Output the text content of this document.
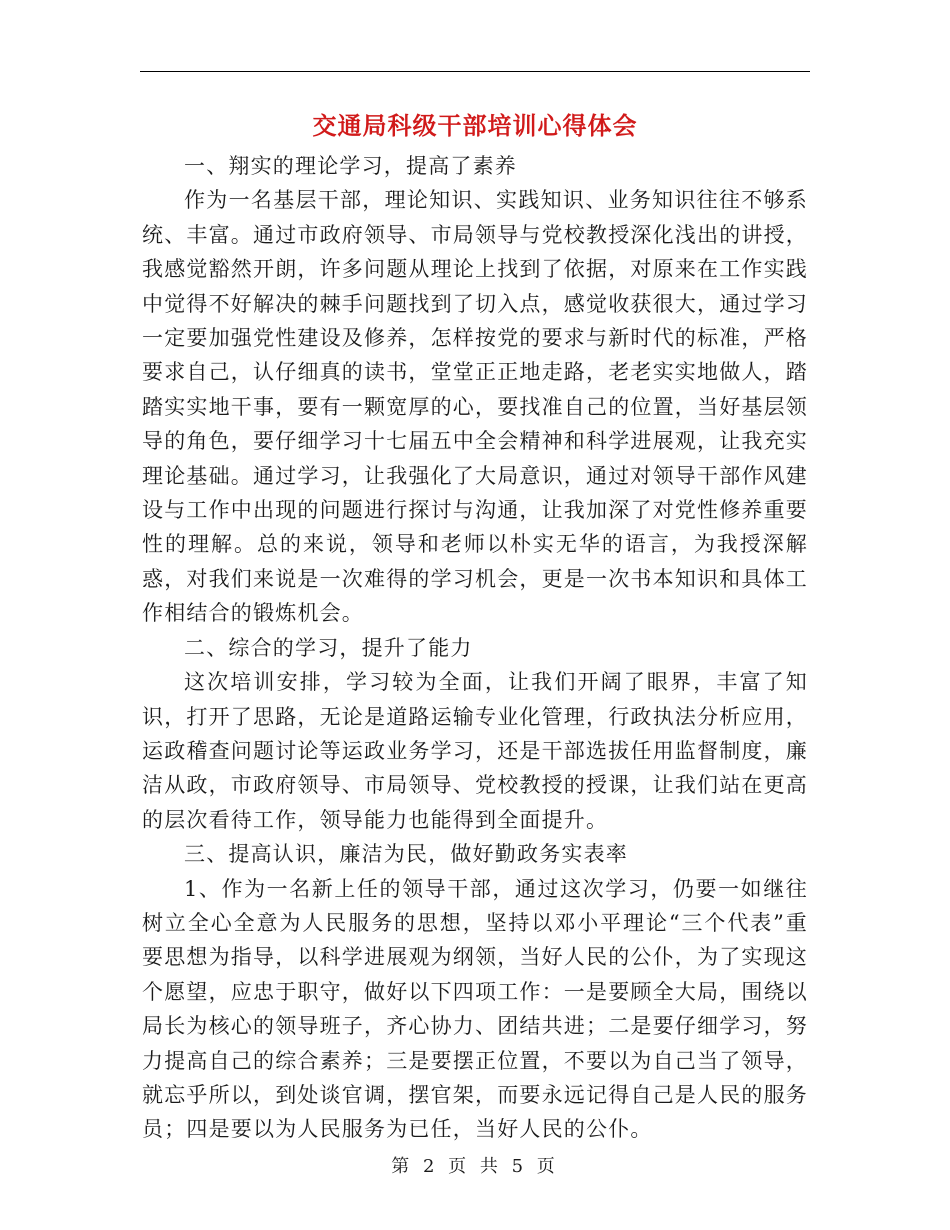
交通局科级干部培训心得体会

一、翔实的理论学习，提高了素养

作为一名基层干部，理论知识、实践知识、业务知识往往不够系统、丰富。通过市政府领导、市局领导与党校教授深化浅出的讲授，我感觉豁然开朗，许多问题从理论上找到了依据，对原来在工作实践中觉得不好解决的棘手问题找到了切入点，感觉收获很大，通过学习一定要加强党性建设及修养，怎样按党的要求与新时代的标准，严格要求自己，认仔细真的读书，堂堂正正地走路，老老实实地做人，踏踏实实地干事，要有一颗宽厚的心，要找准自己的位置，当好基层领导的角色，要仔细学习十七届五中全会精神和科学进展观，让我充实理论基础。通过学习，让我强化了大局意识，通过对领导干部作风建设与工作中出现的问题进行探讨与沟通，让我加深了对党性修养重要性的理解。总的来说，领导和老师以朴实无华的语言，为我授深解惑，对我们来说是一次难得的学习机会，更是一次书本知识和具体工作相结合的锻炼机会。

二、综合的学习，提升了能力

这次培训安排，学习较为全面，让我们开阔了眼界，丰富了知识，打开了思路，无论是道路运输专业化管理，行政执法分析应用，运政稽查问题讨论等运政业务学习，还是干部选拔任用监督制度，廉洁从政，市政府领导、市局领导、党校教授的授课，让我们站在更高的层次看待工作，领导能力也能得到全面提升。

三、提高认识，廉洁为民，做好勤政务实表率

1、作为一名新上任的领导干部，通过这次学习，仍要一如继往树立全心全意为人民服务的思想，坚持以邓小平理论“三个代表”重要思想为指导，以科学进展观为纲领，当好人民的公仆，为了实现这个愿望，应忠于职守，做好以下四项工作：一是要顾全大局，围绕以局长为核心的领导班子，齐心协力、团结共进；二是要仔细学习，努力提高自己的综合素养；三是要摆正位置，不要以为自己当了领导，就忘乎所以，到处谈官调，摆官架，而要永远记得自己是人民的服务员；四是要以为人民服务为已任，当好人民的公仆。

第 2 页 共 5 页
